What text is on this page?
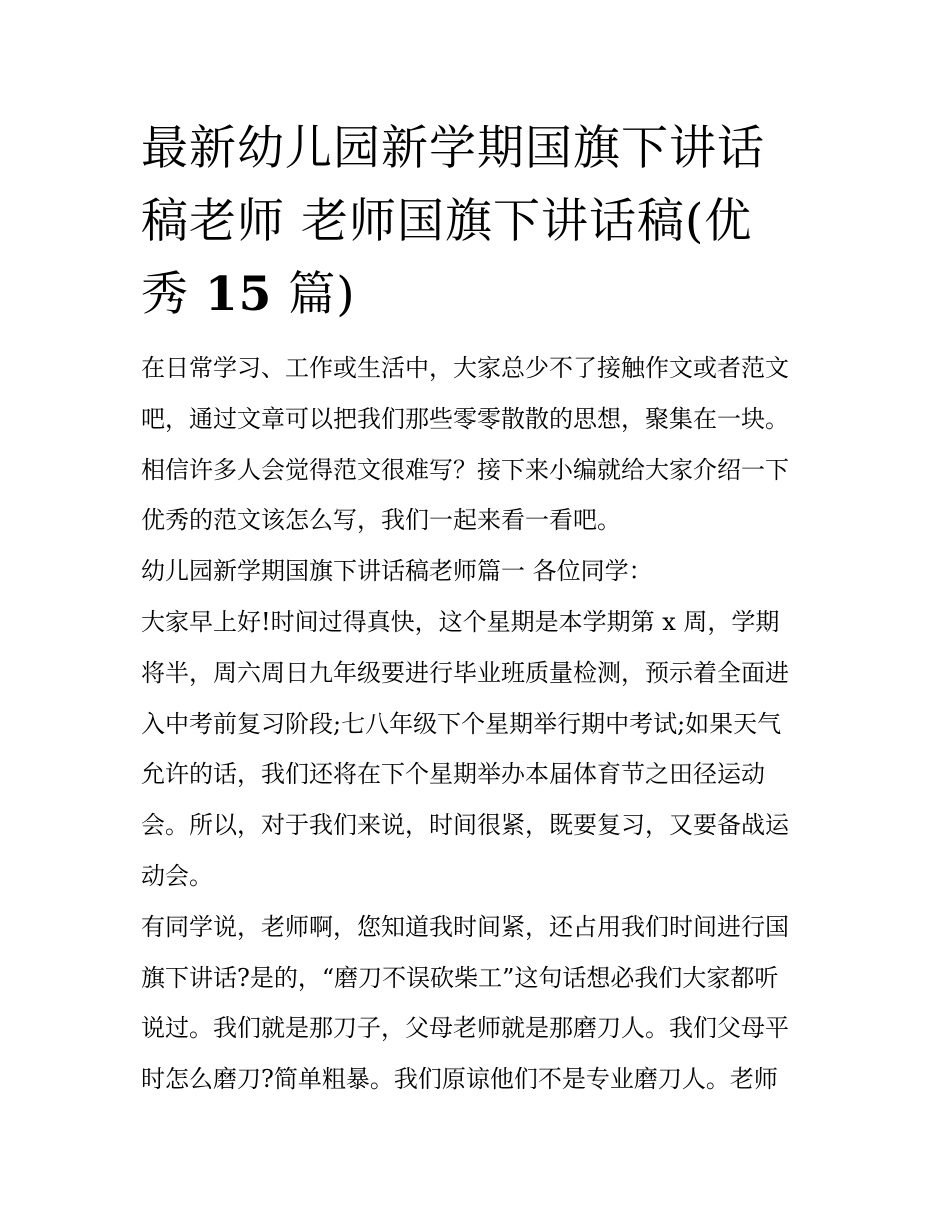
最新幼儿园新学期国旗下讲话
稿老师 老师国旗下讲话稿(优
秀 15 篇)

在日常学习、工作或生活中，大家总少不了接触作文或者范文
吧，通过文章可以把我们那些零零散散的思想，聚集在一块。
相信许多人会觉得范文很难写？接下来小编就给大家介绍一下
优秀的范文该怎么写，我们一起来看一看吧。

幼儿园新学期国旗下讲话稿老师篇一 各位同学：

大家早上好!时间过得真快，这个星期是本学期第 x 周，学期
将半，周六周日九年级要进行毕业班质量检测，预示着全面进
入中考前复习阶段;七八年级下个星期举行期中考试;如果天气
允许的话，我们还将在下个星期举办本届体育节之田径运动
会。所以，对于我们来说，时间很紧，既要复习，又要备战运
动会。

有同学说，老师啊，您知道我时间紧，还占用我们时间进行国
旗下讲话?是的，“磨刀不误砍柴工”这句话想必我们大家都听
说过。我们就是那刀子，父母老师就是那磨刀人。我们父母平
时怎么磨刀?简单粗暴。我们原谅他们不是专业磨刀人。老师
